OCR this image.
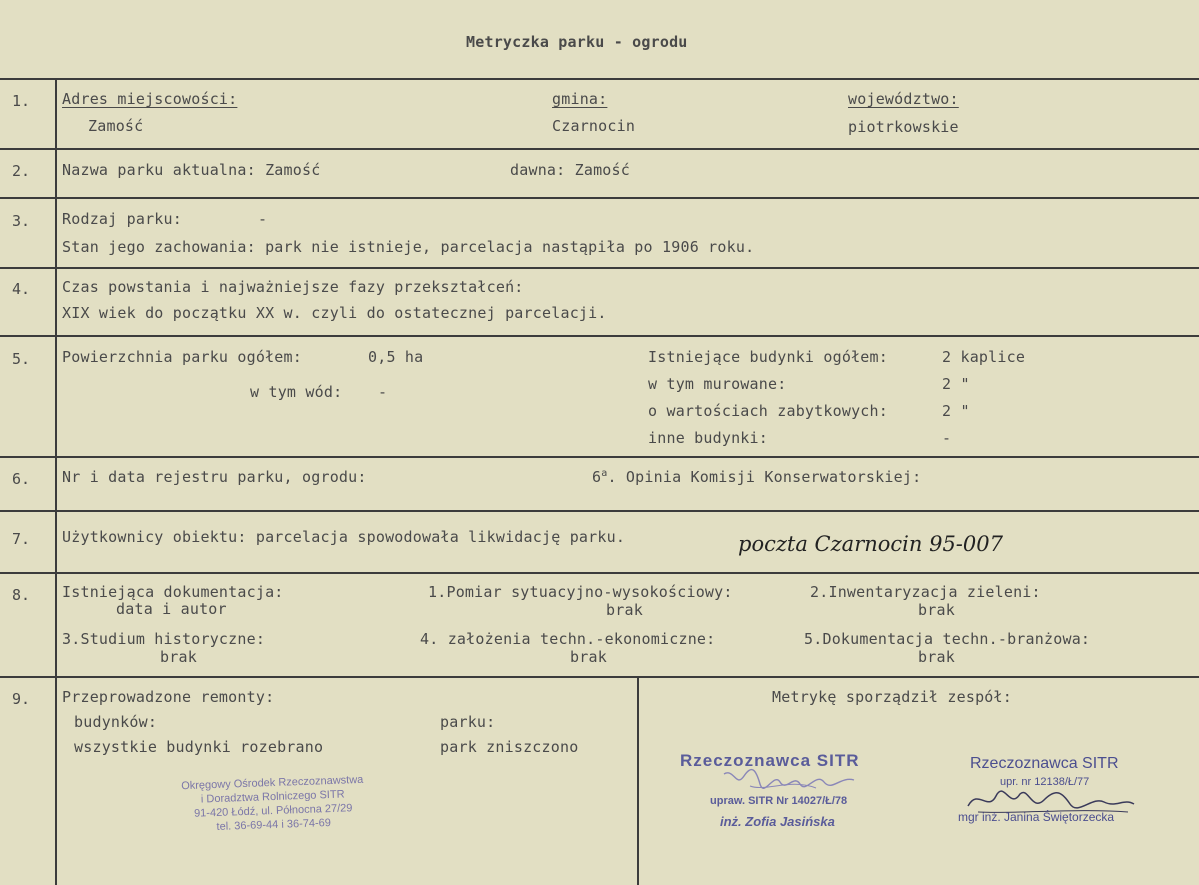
Metryczka parku - ogrodu
1. Adres miejscowości:
Zamość
gmina:
Czarnocin
województwo:
piotrkowskie
2. Nazwa parku aktualna: Zamość	dawna: Zamość
3. Rodzaj parku:	-
Stan jego zachowania: park nie istnieje, parcelacja nastąpiła po 1906 roku.
4. Czas powstania i najważniejsze fazy przekształceń:
XIX wiek do początku XX w. czyli do ostatecznej parcelacji.
5. Powierzchnia parku ogółem:	0,5 ha
w tym wód: -
Istniejące budynki ogółem:	2 kaplice
w tym murowane:	2 "
o wartościach zabytkowych:	2 "
inne budynki:	-
6. Nr i data rejestru parku, ogrodu:	6$^a$. Opinia Komisji Konserwatorskiej:
7. Użytkownicy obiektu: parcelacja spowodowała likwidację parku.	poczta Czarnocin 95-007
8. Istniejąca dokumentacja:
data i autor
1.Pomiar sytuacyjno-wysokościowy:
brak
2.Inwentaryzacja zieleni:
brak
3.Studium historyczne:
brak
4. założenia techn.-ekonomiczne:
brak
5.Dokumentacja techn.-branżowa:
brak
9. Przeprowadzone remonty:
budynków:
wszystkie budynki rozebrano
parku:
park zniszczono
Metrykę sporządził zespół:
Okręgowy Ośrodek Rzeczoznawstwa
i Doradztwa Rolniczego SITR
91-420 Łódź, ul. Północna 27/29
tel. 36-69-44 i 36-74-69
Rzeczoznawca SITR
upraw. SITR Nr 14027/Ł/78
inż. Zofia Jasińska
Rzeczoznawca SITR
upr. nr 12138/Ł/77
mgr inż. Janina Świętorzecka
